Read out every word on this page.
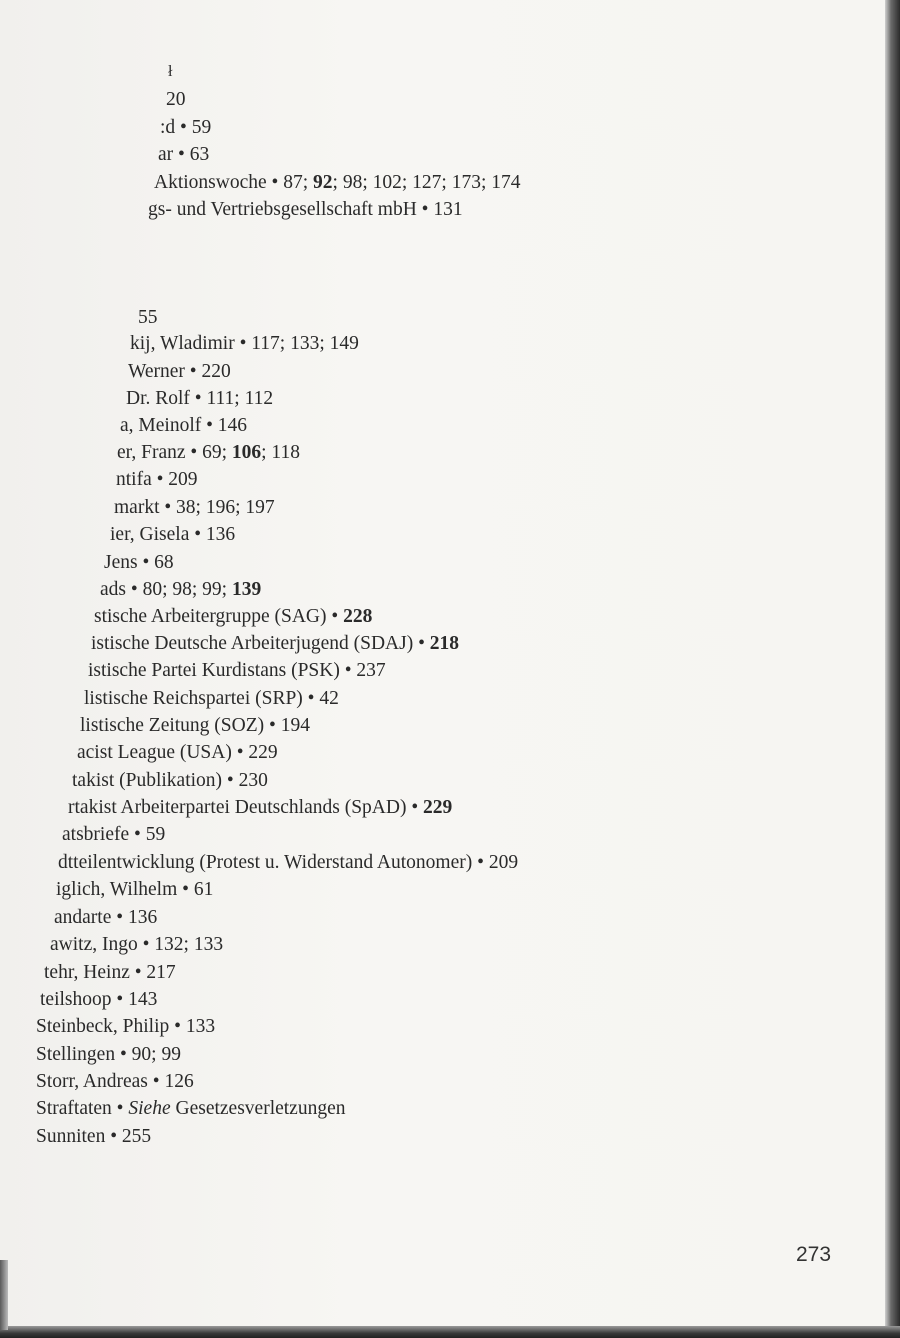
ł
20
:d • 59
ar • 63
Aktionswoche • 87; 92; 98; 102; 127; 173; 174
gs- und Vertriebsgesellschaft mbH • 131
55
kij, Wladimir • 117; 133; 149
Werner • 220
Dr. Rolf • 111; 112
a, Meinolf • 146
er, Franz • 69; 106; 118
ntifa • 209
markt • 38; 196; 197
ier, Gisela • 136
Jens • 68
ads • 80; 98; 99; 139
stische Arbeitergruppe (SAG) • 228
istische Deutsche Arbeiterjugend (SDAJ) • 218
istische Partei Kurdistans (PSK) • 237
listische Reichspartei (SRP) • 42
listische Zeitung (SOZ) • 194
acist League (USA) • 229
takist (Publikation) • 230
rtakist Arbeiterpartei Deutschlands (SpAD) • 229
atsbriefe • 59
dtteilentwicklung (Protest u. Widerstand Autonomer) • 209
iglich, Wilhelm • 61
andarte • 136
awitz, Ingo • 132; 133
tehr, Heinz • 217
teilshoop • 143
Steinbeck, Philip • 133
Stellingen • 90; 99
Storr, Andreas • 126
Straftaten • Siehe Gesetzesverletzungen
Sunniten • 255
273
